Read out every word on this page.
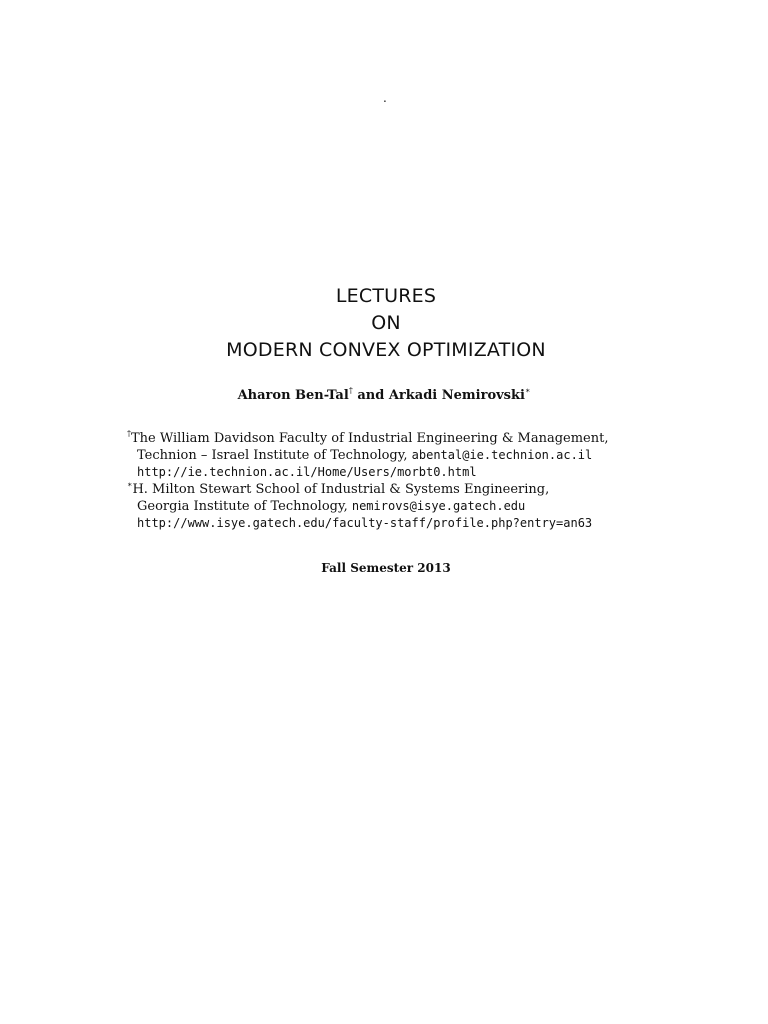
.
LECTURES
ON
MODERN CONVEX OPTIMIZATION
Aharon Ben-Tal† and Arkadi Nemirovski∗
†The William Davidson Faculty of Industrial Engineering & Management,
Technion – Israel Institute of Technology, abental@ie.technion.ac.il
http://ie.technion.ac.il/Home/Users/morbt0.html
∗H. Milton Stewart School of Industrial & Systems Engineering,
Georgia Institute of Technology, nemirovs@isye.gatech.edu
http://www.isye.gatech.edu/faculty-staff/profile.php?entry=an63
Fall Semester 2013
